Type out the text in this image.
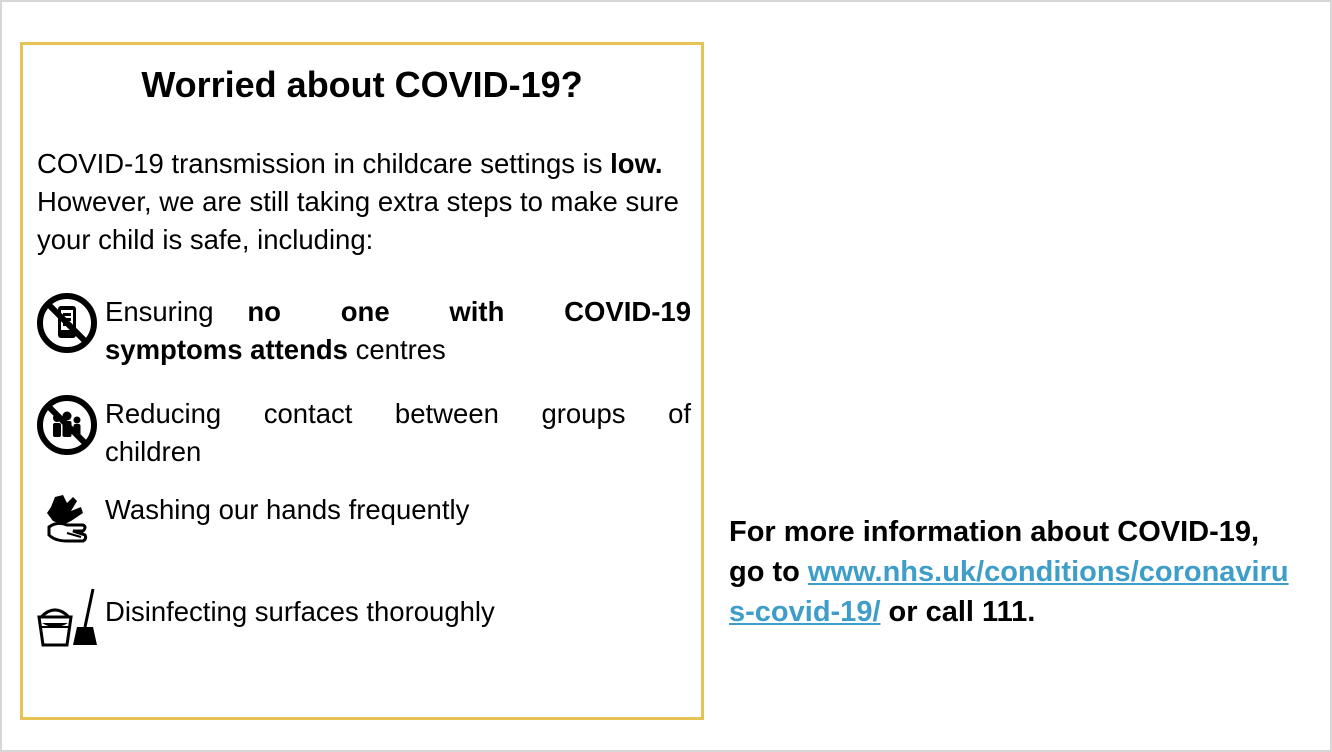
Worried about COVID-19?
COVID-19 transmission in childcare settings is low. However, we are still taking extra steps to make sure your child is safe, including:
Ensuring no one with COVID-19
symptoms attends centres
Reducing contact between groups of
children
Washing our hands frequently
Disinfecting surfaces thoroughly
For more information about COVID-19, go to www.nhs.uk/conditions/coronavirus-covid-19/ or call 111.
